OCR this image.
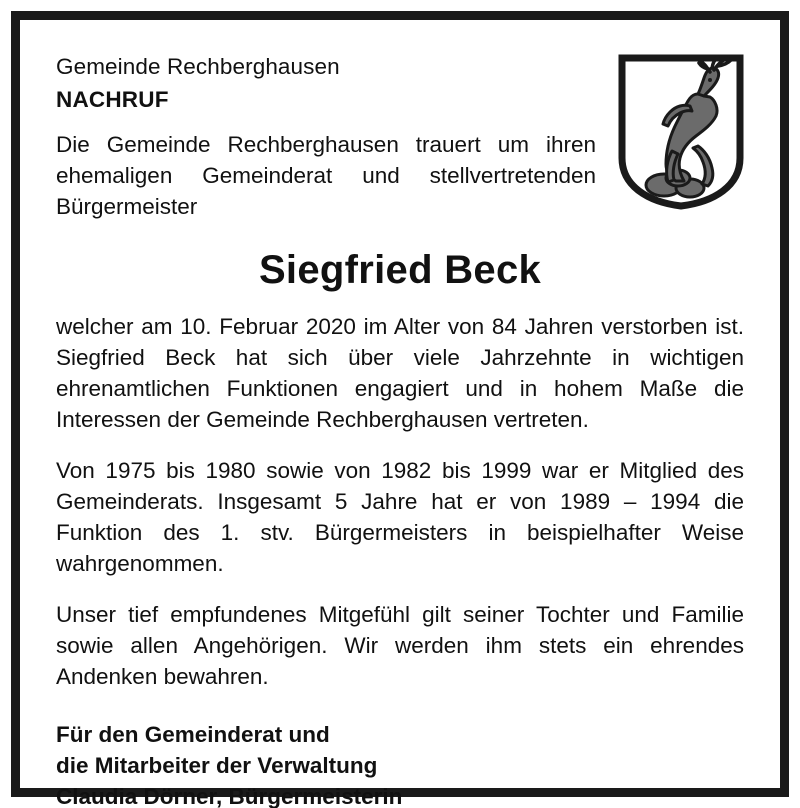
Gemeinde Rechberghausen
NACHRUF
Die Gemeinde Rechberghausen trauert um ihren ehemaligen Gemeinderat und stellvertretenden Bürgermeister
Siegfried Beck

welcher am 10. Februar 2020 im Alter von 84 Jahren verstorben ist. Siegfried Beck hat sich über viele Jahrzehnte in wichtigen ehrenamtlichen Funktionen engagiert und in hohem Maße die Interessen der Gemeinde Rechberghausen vertreten.

Von 1975 bis 1980 sowie von 1982 bis 1999 war er Mitglied des Gemeinderats. Insgesamt 5 Jahre hat er von 1989 – 1994 die Funktion des 1. stv. Bürgermeisters in beispielhafter Weise wahrgenommen.

Unser tief empfundenes Mitgefühl gilt seiner Tochter und Familie sowie allen Angehörigen. Wir werden ihm stets ein ehrendes Andenken bewahren.

Für den Gemeinderat und
die Mitarbeiter der Verwaltung
Claudia Dörner, Bürgermeisterin
